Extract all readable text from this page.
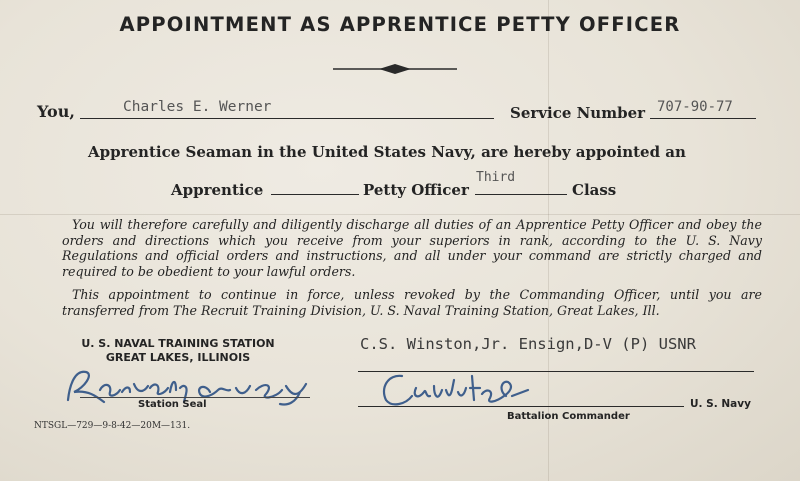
APPOINTMENT AS APPRENTICE PETTY OFFICER
You,	Charles E. Werner	Service Number 707-90-77
Apprentice Seaman in the United States Navy, are hereby appointed an
Apprentice	Petty Officer
Third
Class
You will therefore carefully and diligently discharge all duties of an Apprentice Petty Officer and obey the orders and directions which you receive from your superiors in rank, according to the U. S. Navy Regulations and official orders and instructions, and all under your command are strictly charged and required to be obedient to your lawful orders.
This appointment to continue in force, unless revoked by the Commanding Officer, until you are transferred from The Recruit Training Division, U. S. Naval Training Station, Great Lakes, Ill.
U. S. NAVAL TRAINING STATION
GREAT LAKES, ILLINOIS
C.S. Winston,Jr. Ensign,D-V (P) USNR
Station Seal	U. S. Navy
Battalion Commander
NTSGL—729—9-8-42—20M—131.
